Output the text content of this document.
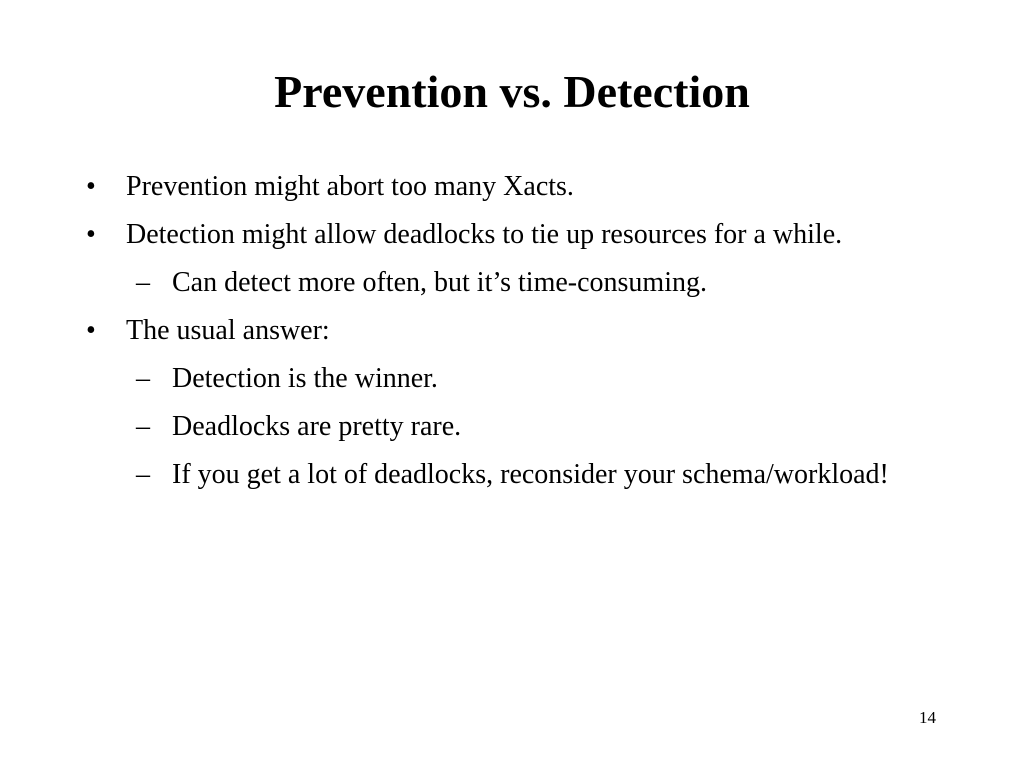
Prevention vs. Detection
• Prevention might abort too many Xacts.
• Detection might allow deadlocks to tie up resources for a while.
– Can detect more often, but it’s time-consuming.
• The usual answer:
– Detection is the winner.
– Deadlocks are pretty rare.
– If you get a lot of deadlocks, reconsider your schema/workload!
14
